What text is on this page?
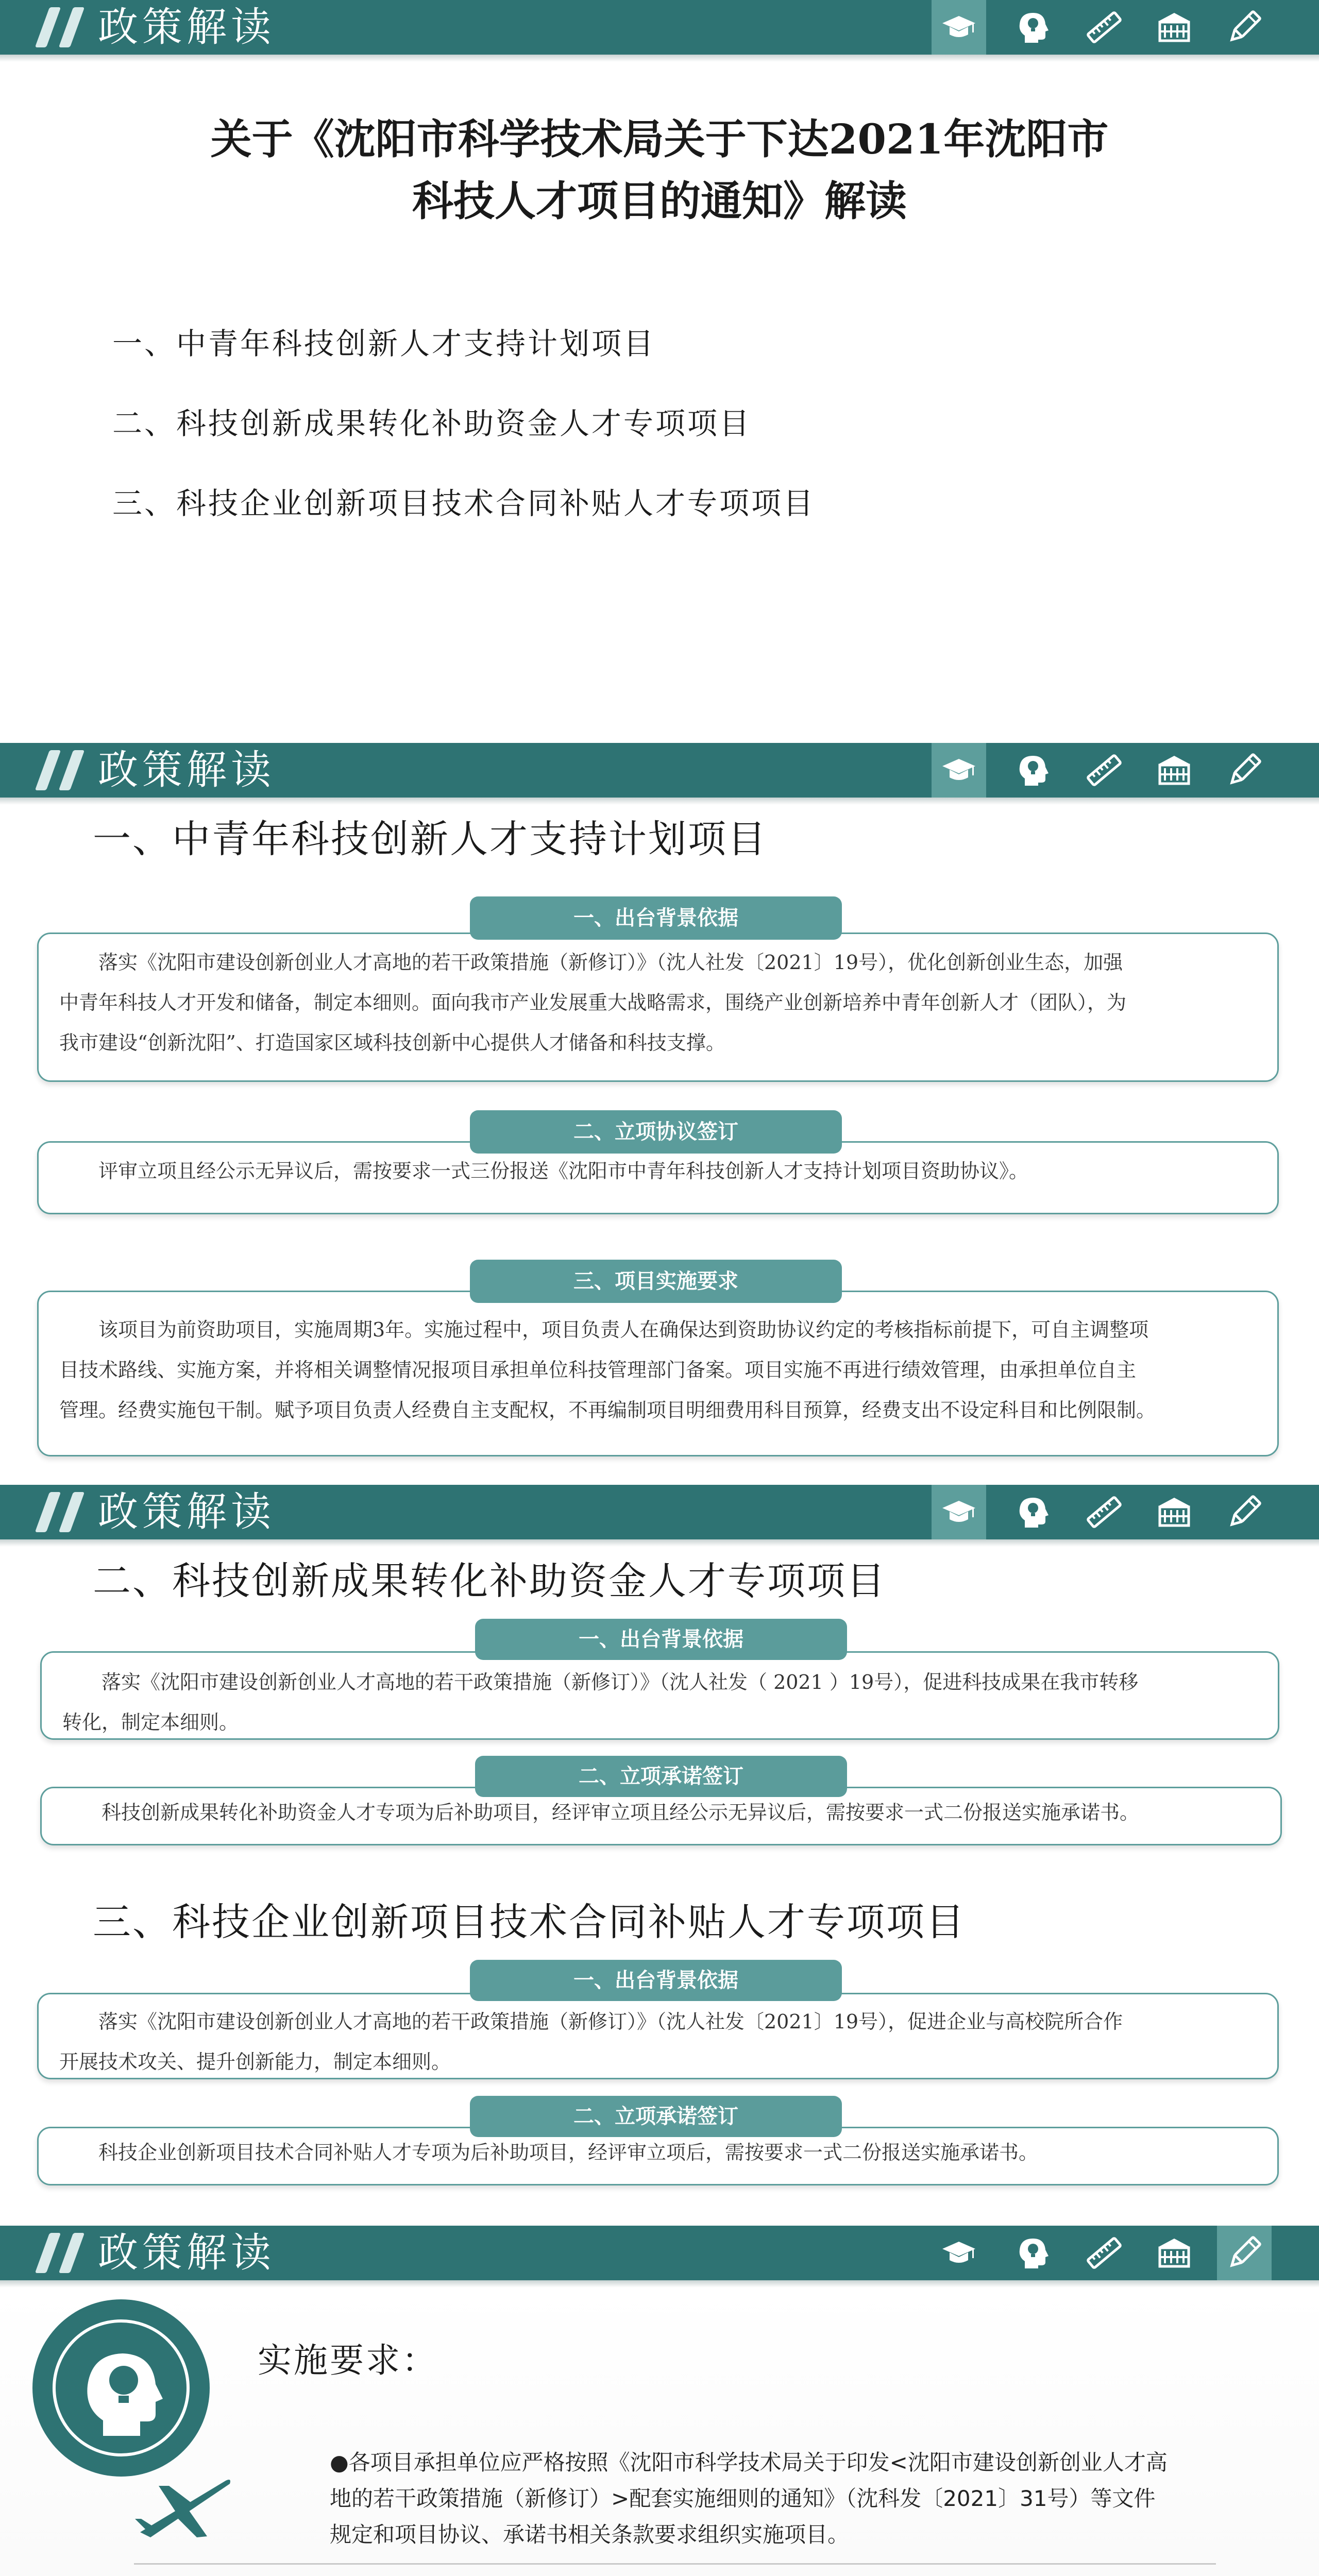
政策解读
关于《沈阳市科学技术局关于下达2021年沈阳市
科技人才项目的通知》解读
一、中青年科技创新人才支持计划项目
二、科技创新成果转化补助资金人才专项项目
三、科技企业创新项目技术合同补贴人才专项项目
政策解读
一、中青年科技创新人才支持计划项目

落实《沈阳市建设创新创业人才高地的若干政策措施（新修订）》（沈人社发〔2021〕19号），优化创新创业生态，加强

中青年科技人才开发和储备，制定本细则。面向我市产业发展重大战略需求，围绕产业创新培养中青年创新人才（团队），为

我市建设“创新沈阳”、打造国家区域科技创新中心提供人才储备和科技支撑。

一、出台背景依据

评审立项且经公示无异议后，需按要求一式三份报送《沈阳市中青年科技创新人才支持计划项目资助协议》。

二、立项协议签订

该项目为前资助项目，实施周期3年。实施过程中，项目负责人在确保达到资助协议约定的考核指标前提下，可自主调整项

目技术路线、实施方案，并将相关调整情况报项目承担单位科技管理部门备案。项目实施不再进行绩效管理，由承担单位自主

管理。经费实施包干制。赋予项目负责人经费自主支配权，不再编制项目明细费用科目预算，经费支出不设定科目和比例限制。

三、项目实施要求
政策解读
二、科技创新成果转化补助资金人才专项项目

落实《沈阳市建设创新创业人才高地的若干政策措施（新修订）》（沈人社发（ 2021 ）19号），促进科技成果在我市转移

转化，制定本细则。

一、出台背景依据

科技创新成果转化补助资金人才专项为后补助项目，经评审立项且经公示无异议后，需按要求一式二份报送实施承诺书。

二、立项承诺签订
三、科技企业创新项目技术合同补贴人才专项项目

落实《沈阳市建设创新创业人才高地的若干政策措施（新修订）》（沈人社发〔2021〕19号），促进企业与高校院所合作

开展技术攻关、提升创新能力，制定本细则。

一、出台背景依据

科技企业创新项目技术合同补贴人才专项为后补助项目，经评审立项后，需按要求一式二份报送实施承诺书。

二、立项承诺签订
政策解读
实施要求：
●各项目承担单位应严格按照《沈阳市科学技术局关于印发<沈阳市建设创新创业人才高
地的若干政策措施（新修订）>配套实施细则的通知》（沈科发〔2021〕31号）等文件
规定和项目协议、承诺书相关条款要求组织实施项目。
